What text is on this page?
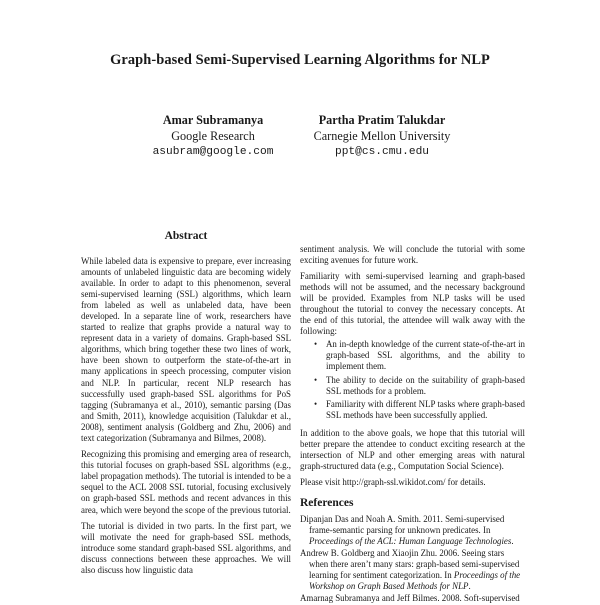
Graph-based Semi-Supervised Learning Algorithms for NLP
Amar Subramanya
Google Research
asubram@google.com
Partha Pratim Talukdar
Carnegie Mellon University
ppt@cs.cmu.edu
Abstract

While labeled data is expensive to prepare, ever increasing amounts of unlabeled linguistic data are becoming widely available. In order to adapt to this phenomenon, several semi-supervised learning (SSL) algorithms, which learn from labeled as well as unlabeled data, have been developed. In a separate line of work, researchers have started to realize that graphs provide a natural way to represent data in a variety of domains. Graph-based SSL algorithms, which bring together these two lines of work, have been shown to outperform the state-of-the-art in many applications in speech processing, computer vision and NLP. In particular, recent NLP research has successfully used graph-based SSL algorithms for PoS tagging (Subramanya et al., 2010), semantic parsing (Das and Smith, 2011), knowledge acquisition (Talukdar et al., 2008), sentiment analysis (Goldberg and Zhu, 2006) and text categorization (Subramanya and Bilmes, 2008).

Recognizing this promising and emerging area of research, this tutorial focuses on graph-based SSL algorithms (e.g., label propagation methods). The tutorial is intended to be a sequel to the ACL 2008 SSL tutorial, focusing exclusively on graph-based SSL methods and recent advances in this area, which were beyond the scope of the previous tutorial.

The tutorial is divided in two parts. In the first part, we will motivate the need for graph-based SSL methods, introduce some standard graph-based SSL algorithms, and discuss connections between these approaches. We will also discuss how linguistic data

sentiment analysis. We will conclude the tutorial with some exciting avenues for future work.

Familiarity with semi-supervised learning and graph-based methods will not be assumed, and the necessary background will be provided. Examples from NLP tasks will be used throughout the tutorial to convey the necessary concepts. At the end of this tutorial, the attendee will walk away with the following:

• An in-depth knowledge of the current state-of-the-art in graph-based SSL algorithms, and the ability to implement them.
• The ability to decide on the suitability of graph-based SSL methods for a problem.
• Familiarity with different NLP tasks where graph-based SSL methods have been successfully applied.

In addition to the above goals, we hope that this tutorial will better prepare the attendee to conduct exciting research at the intersection of NLP and other emerging areas with natural graph-structured data (e.g., Computation Social Science).

Please visit http://graph-ssl.wikidot.com/ for details.

References
Dipanjan Das and Noah A. Smith. 2011. Semi-supervised frame-semantic parsing for unknown predicates. In Proceedings of the ACL: Human Language Technologies.
Andrew B. Goldberg and Xiaojin Zhu. 2006. Seeing stars when there aren’t many stars: graph-based semi-supervised learning for sentiment categorization. In Proceedings of the Workshop on Graph Based Methods for NLP.
Amarnag Subramanya and Jeff Bilmes. 2008. Soft-supervised
